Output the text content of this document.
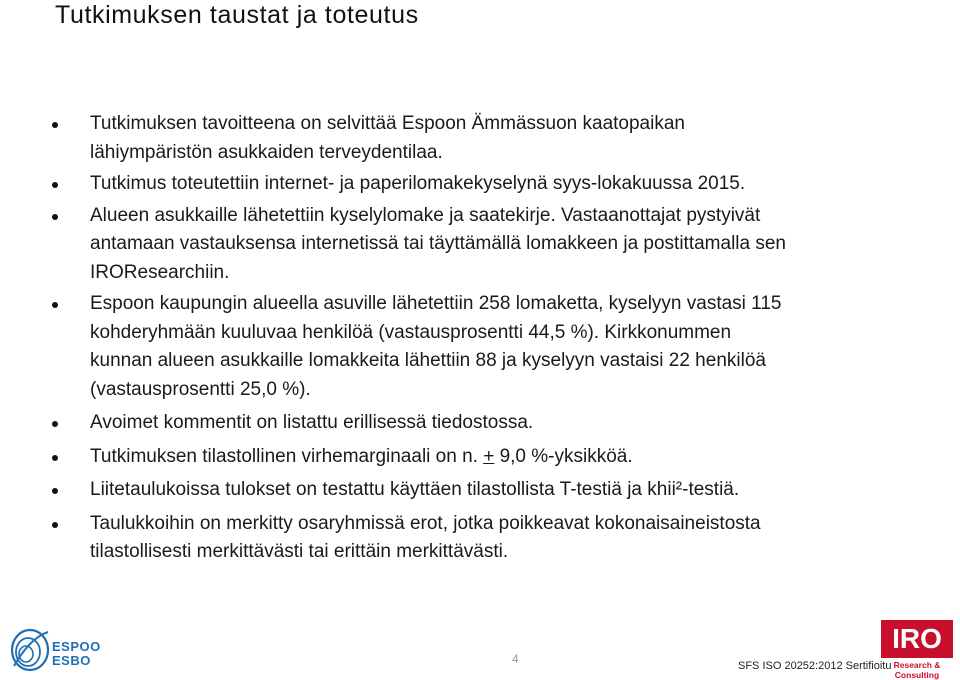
Tutkimuksen taustat ja toteutus
Tutkimuksen tavoitteena on selvittää Espoon Ämmässuon kaatopaikan
lähiympäristön asukkaiden terveydentilaa.
Tutkimus toteutettiin internet- ja paperilomakekyselynä syys-lokakuussa 2015.
Alueen asukkaille lähetettiin kyselylomake ja saatekirje. Vastaanottajat pystyivät
antamaan vastauksensa internetissä tai täyttämällä lomakkeen ja postittamalla sen
IROResearchiin.
Espoon kaupungin alueella asuville lähetettiin 258 lomaketta, kyselyyn vastasi 115
kohderyhmään kuuluvaa henkilöä (vastausprosentti 44,5 %). Kirkkonummen
kunnan alueen asukkaille lomakkeita lähettiin 88 ja kyselyyn vastaisi 22 henkilöä
(vastausprosentti 25,0 %).
Avoimet kommentit on listattu erillisessä tiedostossa.
Tutkimuksen tilastollinen virhemarginaali on n. + 9,0 %-yksikköä.
Liitetaulukoissa tulokset on testattu käyttäen tilastollista T-testiä ja khii²-testiä.
Taulukkoihin on merkitty osaryhmissä erot, jotka poikkeavat kokonaisaineistosta
tilastollisesti merkittävästi tai erittäin merkittävästi.
ESPOO
ESBO	4	SFS ISO 20252:2012 Sertifioitu
IRO
Research & Consulting
